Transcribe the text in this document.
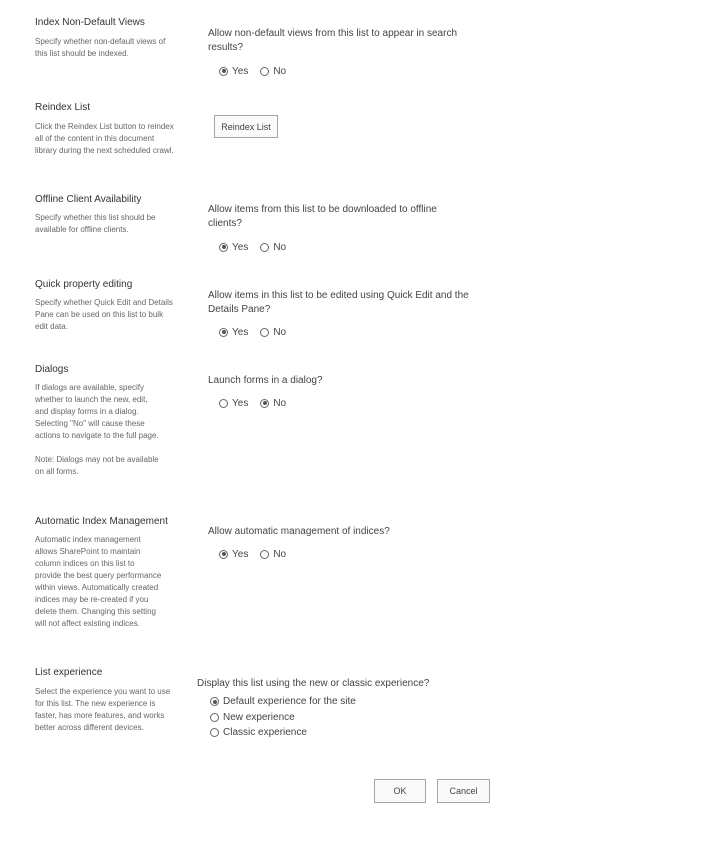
Index Non-Default Views

Specify whether non-default views of this list should be indexed.

Allow non-default views from this list to appear in search results?
Yes	No
Reindex List

Click the Reindex List button to reindex all of the content in this document library during the next scheduled crawl.

Reindex List
Offline Client Availability

Specify whether this list should be available for offline clients.

Allow items from this list to be downloaded to offline clients?
Yes	No
Quick property editing

Specify whether Quick Edit and Details Pane can be used on this list to bulk edit data.

Allow items in this list to be edited using Quick Edit and the Details Pane?
Yes	No
Dialogs

If dialogs are available, specify whether to launch the new, edit, and display forms in a dialog. Selecting "No" will cause these actions to navigate to the full page.

Note: Dialogs may not be available on all forms.

Launch forms in a dialog?
Yes	No
Automatic Index Management

Automatic index management allows SharePoint to maintain column indices on this list to provide the best query performance within views. Automatically created indices may be re-created if you delete them. Changing this setting will not affect existing indices.

Allow automatic management of indices?
Yes	No
List experience

Select the experience you want to use for this list. The new experience is faster, has more features, and works better across different devices.

Display this list using the new or classic experience?
Default experience for the site
New experience
Classic experience
OK	Cancel
